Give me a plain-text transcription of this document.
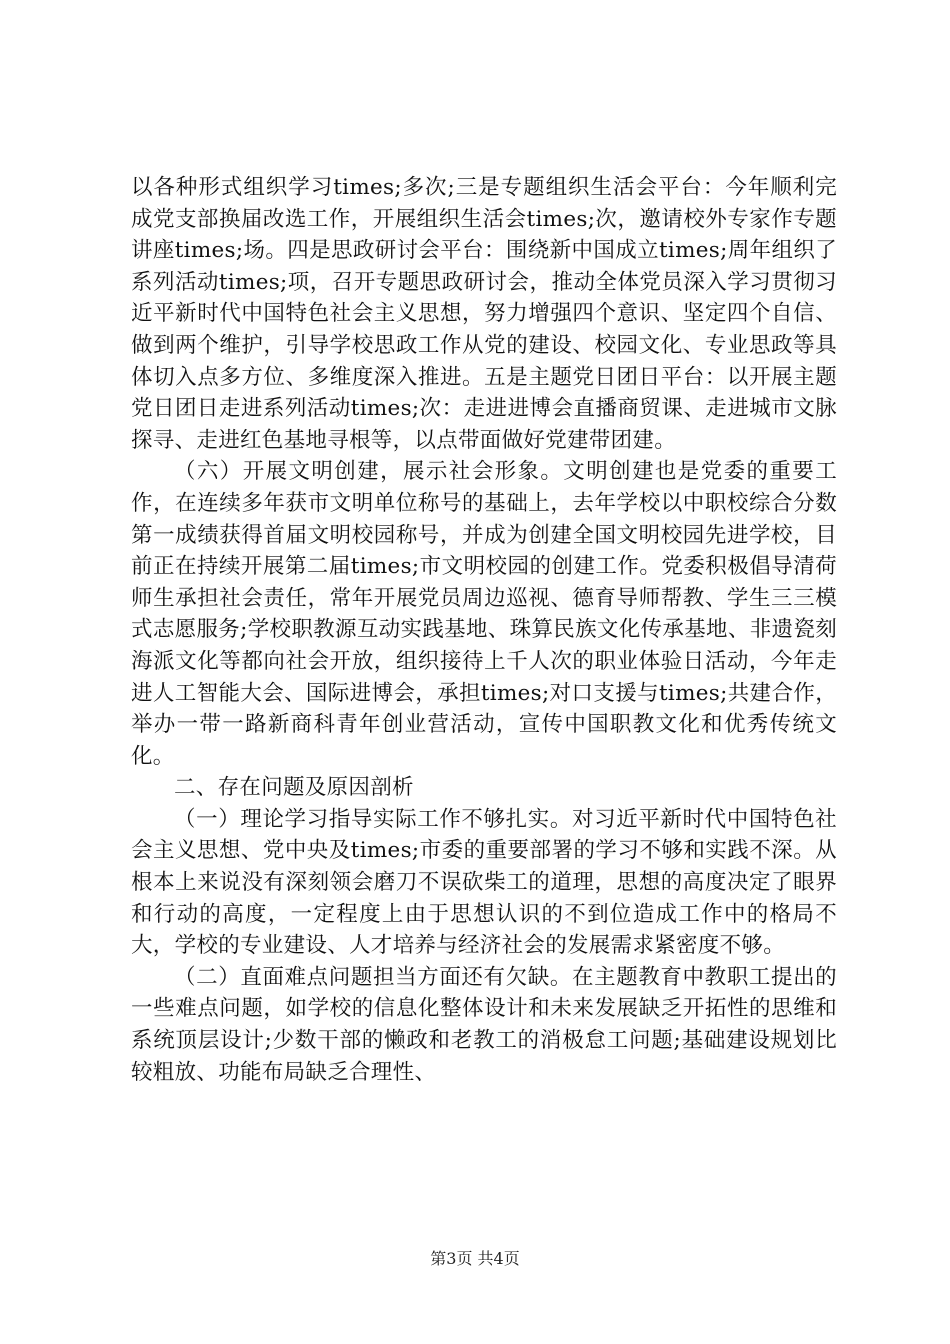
以各种形式组织学习times;多次;三是专题组织生活会平台：今年顺利完成党支部换届改选工作，开展组织生活会times;次，邀请校外专家作专题讲座times;场。四是思政研讨会平台：围绕新中国成立times;周年组织了系列活动times;项，召开专题思政研讨会，推动全体党员深入学习贯彻习近平新时代中国特色社会主义思想，努力增强四个意识、坚定四个自信、做到两个维护，引导学校思政工作从党的建设、校园文化、专业思政等具体切入点多方位、多维度深入推进。五是主题党日团日平台：以开展主题党日团日走进系列活动times;次：走进进博会直播商贸课、走进城市文脉探寻、走进红色基地寻根等，以点带面做好党建带团建。

（六）开展文明创建，展示社会形象。文明创建也是党委的重要工作，在连续多年获市文明单位称号的基础上，去年学校以中职校综合分数第一成绩获得首届文明校园称号，并成为创建全国文明校园先进学校，目前正在持续开展第二届times;市文明校园的创建工作。党委积极倡导清荷师生承担社会责任，常年开展党员周边巡视、德育导师帮教、学生三三模式志愿服务;学校职教源互动实践基地、珠算民族文化传承基地、非遗瓷刻海派文化等都向社会开放，组织接待上千人次的职业体验日活动，今年走进人工智能大会、国际进博会，承担times;对口支援与times;共建合作，举办一带一路新商科青年创业营活动，宣传中国职教文化和优秀传统文化。

二、存在问题及原因剖析

（一）理论学习指导实际工作不够扎实。对习近平新时代中国特色社会主义思想、党中央及times;市委的重要部署的学习不够和实践不深。从根本上来说没有深刻领会磨刀不误砍柴工的道理，思想的高度决定了眼界和行动的高度，一定程度上由于思想认识的不到位造成工作中的格局不大，学校的专业建设、人才培养与经济社会的发展需求紧密度不够。

（二）直面难点问题担当方面还有欠缺。在主题教育中教职工提出的一些难点问题，如学校的信息化整体设计和未来发展缺乏开拓性的思维和系统顶层设计;少数干部的懒政和老教工的消极怠工问题;基础建设规划比较粗放、功能布局缺乏合理性、

第3页 共4页
